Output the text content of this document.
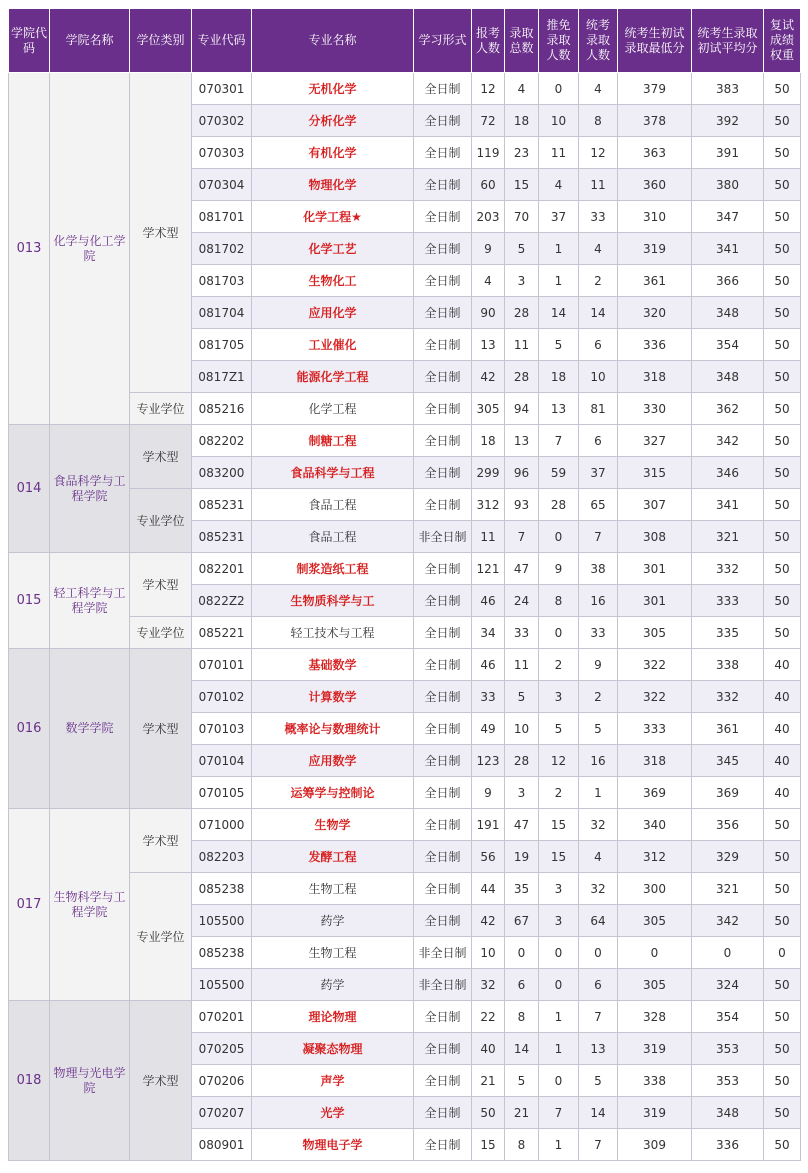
学院代码	学院名称	学位类别	专业代码	专业名称	学习形式	报考人数	录取总数	推免录取人数	统考录取人数	统考生初试录取最低分	统考生录取初试平均分	复试成绩权重
013	化学与化工学院	学术型	070301	无机化学	全日制	12	4	0	4	379	383	50
			070302	分析化学	全日制	72	18	10	8	378	392	50
			070303	有机化学	全日制	119	23	11	12	363	391	50
			070304	物理化学	全日制	60	15	4	11	360	380	50
			081701	化学工程★	全日制	203	70	37	33	310	347	50
			081702	化学工艺	全日制	9	5	1	4	319	341	50
			081703	生物化工	全日制	4	3	1	2	361	366	50
			081704	应用化学	全日制	90	28	14	14	320	348	50
			081705	工业催化	全日制	13	11	5	6	336	354	50
			0817Z1	能源化学工程	全日制	42	28	18	10	318	348	50
		专业学位	085216	化学工程	全日制	305	94	13	81	330	362	50
014	食品科学与工程学院	学术型	082202	制糖工程	全日制	18	13	7	6	327	342	50
			083200	食品科学与工程	全日制	299	96	59	37	315	346	50
		专业学位	085231	食品工程	全日制	312	93	28	65	307	341	50
			085231	食品工程	非全日制	11	7	0	7	308	321	50
015	轻工科学与工程学院	学术型	082201	制浆造纸工程	全日制	121	47	9	38	301	332	50
			0822Z2	生物质科学与工	全日制	46	24	8	16	301	333	50
		专业学位	085221	轻工技术与工程	全日制	34	33	0	33	305	335	50
016	数学学院	学术型	070101	基础数学	全日制	46	11	2	9	322	338	40
			070102	计算数学	全日制	33	5	3	2	322	332	40
			070103	概率论与数理统计	全日制	49	10	5	5	333	361	40
			070104	应用数学	全日制	123	28	12	16	318	345	40
			070105	运筹学与控制论	全日制	9	3	2	1	369	369	40
017	生物科学与工程学院	学术型	071000	生物学	全日制	191	47	15	32	340	356	50
			082203	发酵工程	全日制	56	19	15	4	312	329	50
		专业学位	085238	生物工程	全日制	44	35	3	32	300	321	50
			105500	药学	全日制	42	67	3	64	305	342	50
			085238	生物工程	非全日制	10	0	0	0	0	0	0
			105500	药学	非全日制	32	6	0	6	305	324	50
018	物理与光电学院	学术型	070201	理论物理	全日制	22	8	1	7	328	354	50
			070205	凝聚态物理	全日制	40	14	1	13	319	353	50
			070206	声学	全日制	21	5	0	5	338	353	50
			070207	光学	全日制	50	21	7	14	319	348	50
			080901	物理电子学	全日制	15	8	1	7	309	336	50
